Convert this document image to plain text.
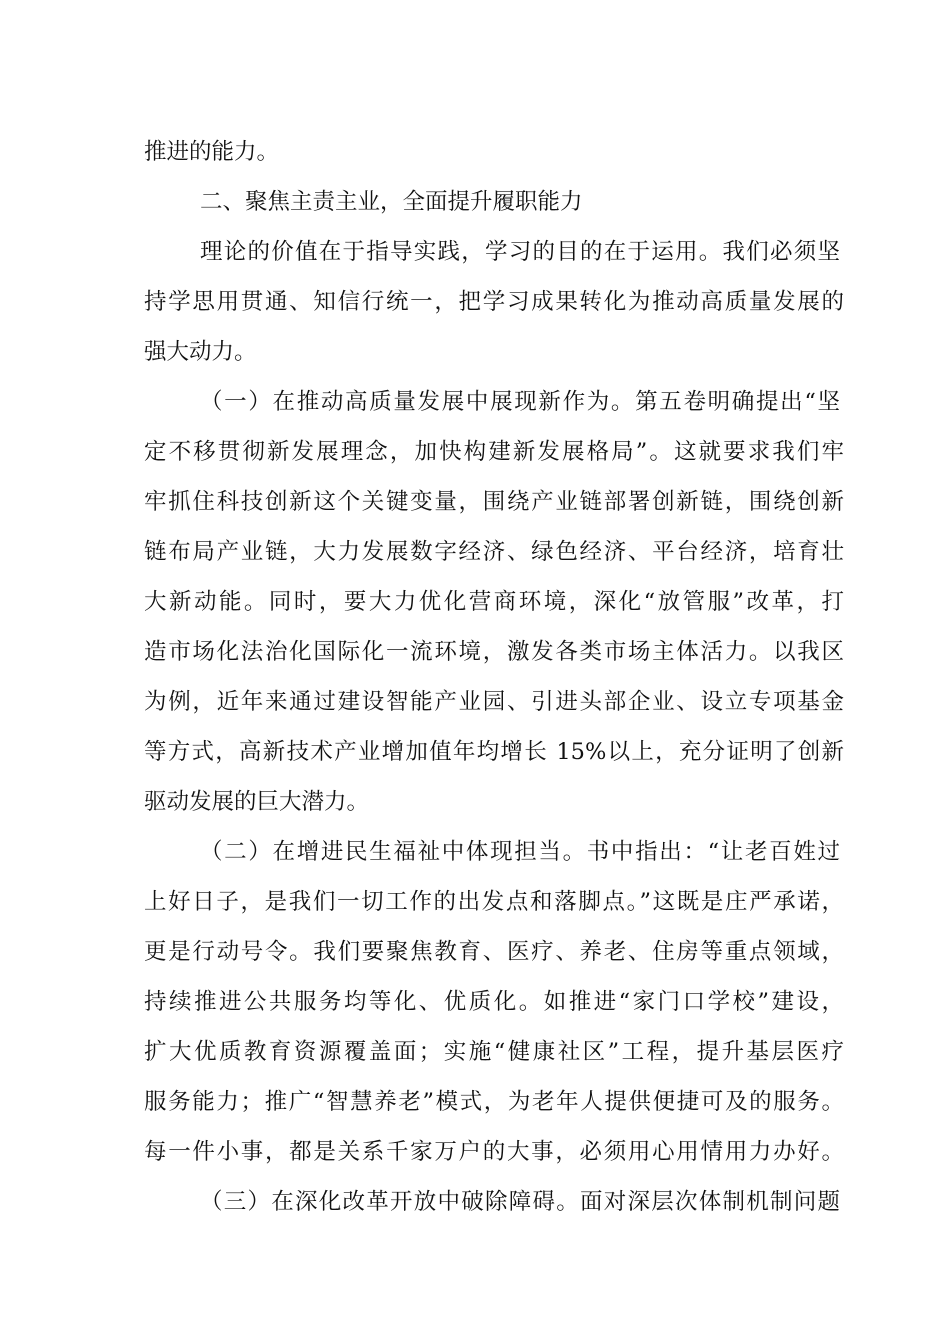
推进的能力。
二、聚焦主责主业，全面提升履职能力
理论的价值在于指导实践，学习的目的在于运用。我们必须坚
持学思用贯通、知信行统一，把学习成果转化为推动高质量发展的
强大动力。
（一）在推动高质量发展中展现新作为。第五卷明确提出“坚
定不移贯彻新发展理念，加快构建新发展格局”。这就要求我们牢
牢抓住科技创新这个关键变量，围绕产业链部署创新链，围绕创新
链布局产业链，大力发展数字经济、绿色经济、平台经济，培育壮
大新动能。同时，要大力优化营商环境，深化“放管服”改革，打
造市场化法治化国际化一流环境，激发各类市场主体活力。以我区
为例，近年来通过建设智能产业园、引进头部企业、设立专项基金
等方式，高新技术产业增加值年均增长 15%以上，充分证明了创新
驱动发展的巨大潜力。
（二）在增进民生福祉中体现担当。书中指出：“让老百姓过
上好日子，是我们一切工作的出发点和落脚点。”这既是庄严承诺，
更是行动号令。我们要聚焦教育、医疗、养老、住房等重点领域，
持续推进公共服务均等化、优质化。如推进“家门口学校”建设，
扩大优质教育资源覆盖面；实施“健康社区”工程，提升基层医疗
服务能力；推广“智慧养老”模式，为老年人提供便捷可及的服务。
每一件小事，都是关系千家万户的大事，必须用心用情用力办好。
（三）在深化改革开放中破除障碍。面对深层次体制机制问题
